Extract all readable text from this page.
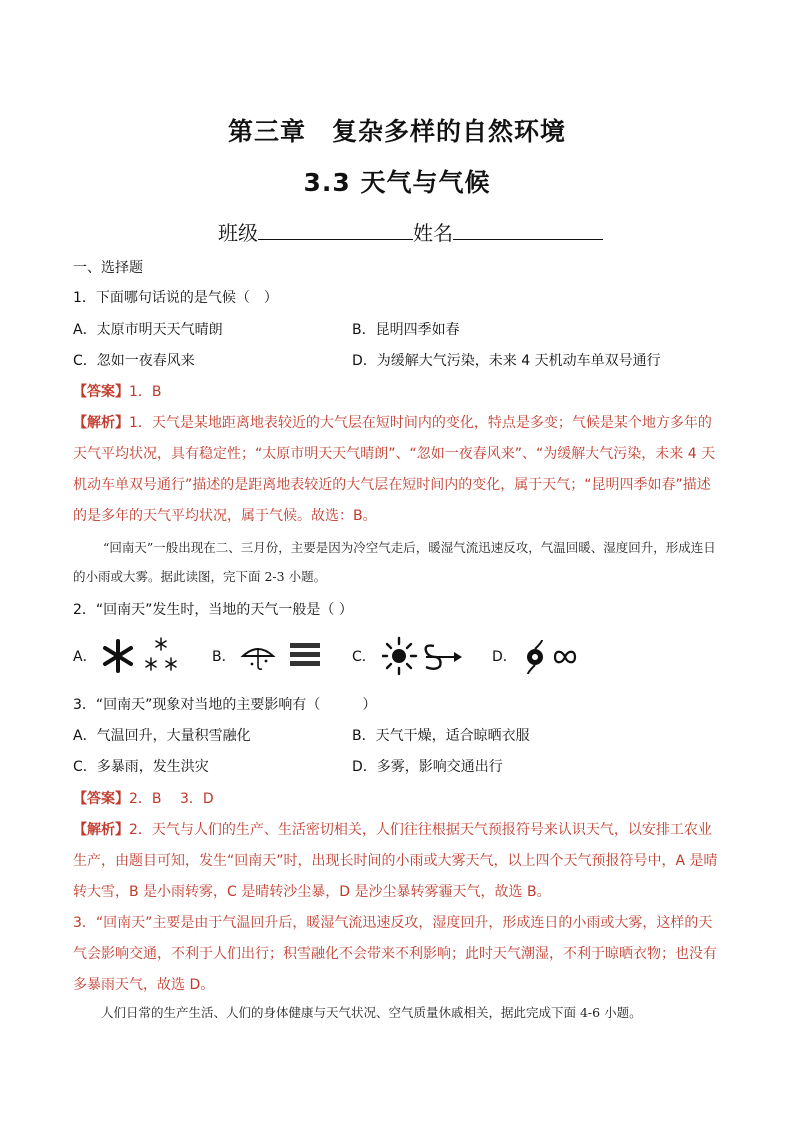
第三章　复杂多样的自然环境
3.3 天气与气候
班级	姓名
一、选择题
1．下面哪句话说的是气候（　）
A．太原市明天天气晴朗	B．昆明四季如春
C．忽如一夜春风来	D．为缓解大气污染，未来 4 天机动车单双号通行
【答案】1．B
【解析】1．天气是某地距离地表较近的大气层在短时间内的变化，特点是多变；气候是某个地方多年的天气平均状况，具有稳定性；“太原市明天天气晴朗”、“忽如一夜春风来”、“为缓解大气污染，未来 4 天机动车单双号通行”描述的是距离地表较近的大气层在短时间内的变化，属于天气；“昆明四季如春”描述的是多年的天气平均状况，属于气候。故选：B。
“回南天”一般出现在二、三月份，主要是因为冷空气走后，暖湿气流迅速反攻，气温回暖、湿度回升，形成连日的小雨或大雾。据此读图，完下面 2-3 小题。
2．“回南天”发生时，当地的天气一般是（ ）
A．	B．	C．	D．
3．“回南天”现象对当地的主要影响有（　　　）
A．气温回升，大量积雪融化	B．天气干燥，适合晾晒衣服
C．多暴雨，发生洪灾	D．多雾，影响交通出行
【答案】2．B　 3．D
【解析】2．天气与人们的生产、生活密切相关，人们往往根据天气预报符号来认识天气，以安排工农业生产，由题目可知，发生“回南天”时，出现长时间的小雨或大雾天气，以上四个天气预报符号中，A 是晴转大雪，B 是小雨转雾，C 是晴转沙尘暴，D 是沙尘暴转雾霾天气，故选 B。
3．“回南天”主要是由于气温回升后，暖湿气流迅速反攻，湿度回升，形成连日的小雨或大雾，这样的天气会影响交通，不利于人们出行；积雪融化不会带来不利影响；此时天气潮湿，不利于晾晒衣物；也没有多暴雨天气，故选 D。
人们日常的生产生活、人们的身体健康与天气状况、空气质量休戚相关，据此完成下面 4-6 小题。
